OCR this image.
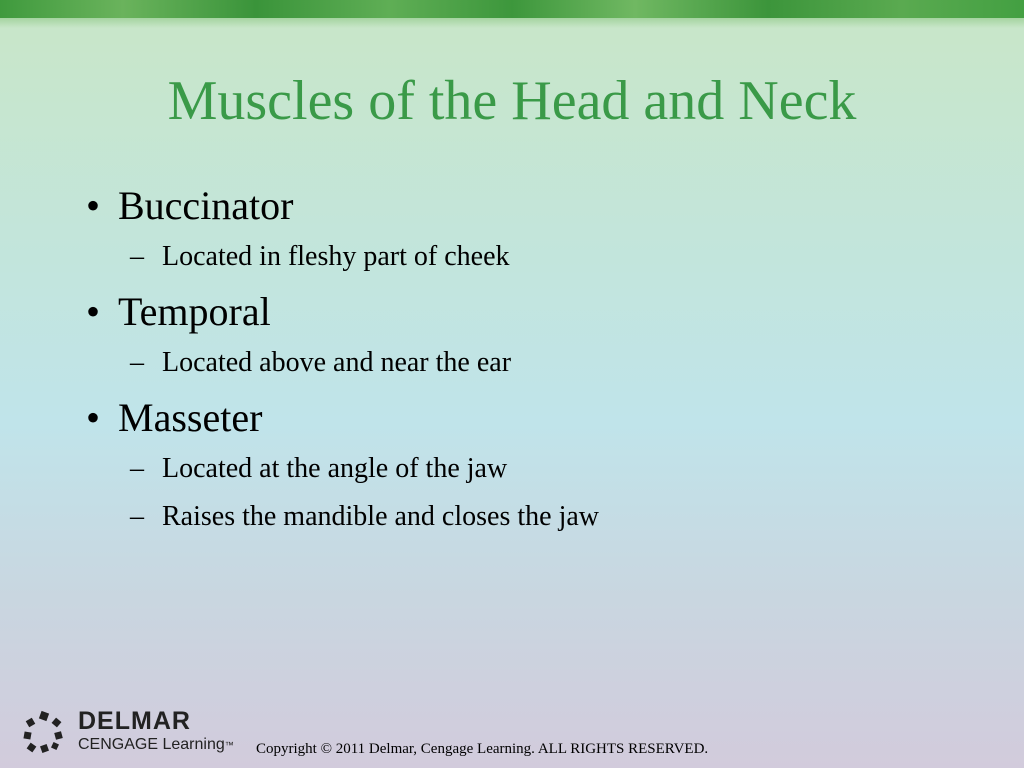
Muscles of the Head and Neck
• Buccinator
– Located in fleshy part of cheek
• Temporal
– Located above and near the ear
• Masseter
– Located at the angle of the jaw
– Raises the mandible and closes the jaw
DELMAR
CENGAGE Learning™ Copyright © 2011 Delmar, Cengage Learning. ALL RIGHTS RESERVED.
